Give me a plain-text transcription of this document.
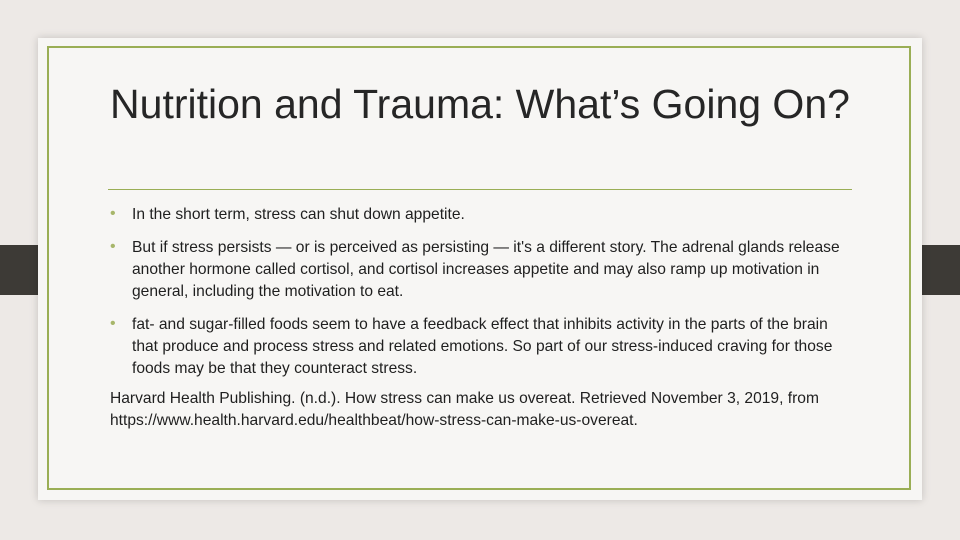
Nutrition and Trauma: What’s Going On?
• In the short term, stress can shut down appetite.
• But if stress persists — or is perceived as persisting — it's a different story. The adrenal glands release another hormone called cortisol, and cortisol increases appetite and may also ramp up motivation in general, including the motivation to eat.
• fat- and sugar-filled foods seem to have a feedback effect that inhibits activity in the parts of the brain that produce and process stress and related emotions. So part of our stress-induced craving for those foods may be that they counteract stress.

Harvard Health Publishing. (n.d.). How stress can make us overeat. Retrieved November 3, 2019, from https://www.health.harvard.edu/healthbeat/how-stress-can-make-us-overeat.
